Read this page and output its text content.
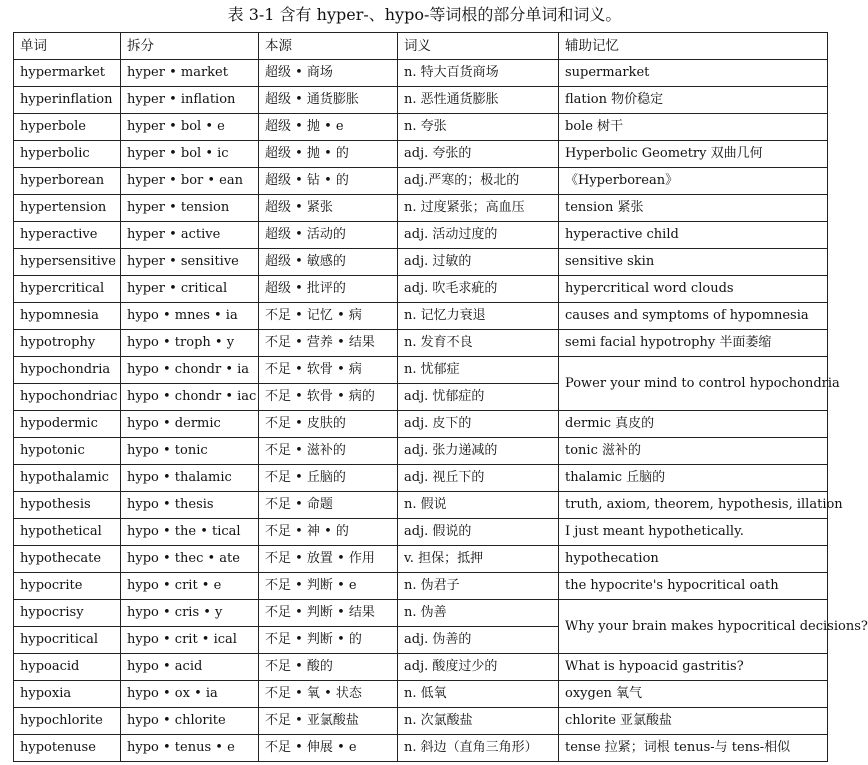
表 3-1 含有 hyper-、hypo-等词根的部分单词和词义。
单词	拆分	本源	词义	辅助记忆
hypermarket	hyper • market	超级 • 商场	n. 特大百货商场	supermarket
hyperinflation	hyper • inflation	超级 • 通货膨胀	n. 恶性通货膨胀	flation 物价稳定
hyperbole	hyper • bol • e	超级 • 抛 • e	n. 夸张	bole 树干
hyperbolic	hyper • bol • ic	超级 • 抛 • 的	adj. 夸张的	Hyperbolic Geometry 双曲几何
hyperborean	hyper • bor • ean	超级 • 钻 • 的	adj.严寒的；极北的	《Hyperborean》
hypertension	hyper • tension	超级 • 紧张	n. 过度紧张；高血压	tension 紧张
hyperactive	hyper • active	超级 • 活动的	adj. 活动过度的	hyperactive child
hypersensitive	hyper • sensitive	超级 • 敏感的	adj. 过敏的	sensitive skin
hypercritical	hyper • critical	超级 • 批评的	adj. 吹毛求疵的	hypercritical word clouds
hypomnesia	hypo • mnes • ia	不足 • 记忆 • 病	n. 记忆力衰退	causes and symptoms of hypomnesia
hypotrophy	hypo • troph • y	不足 • 营养 • 结果	n. 发育不良	semi facial hypotrophy 半面萎缩
hypochondria	hypo • chondr • ia	不足 • 软骨 • 病	n. 忧郁症	Power your mind to control hypochondria
hypochondriac	hypo • chondr • iac	不足 • 软骨 • 病的	adj. 忧郁症的	
hypodermic	hypo • dermic	不足 • 皮肤的	adj. 皮下的	dermic 真皮的
hypotonic	hypo • tonic	不足 • 滋补的	adj. 张力递减的	tonic 滋补的
hypothalamic	hypo • thalamic	不足 • 丘脑的	adj. 视丘下的	thalamic 丘脑的
hypothesis	hypo • thesis	不足 • 命题	n. 假说	truth, axiom, theorem, hypothesis, illation
hypothetical	hypo • the • tical	不足 • 神 • 的	adj. 假说的	I just meant hypothetically.
hypothecate	hypo • thec • ate	不足 • 放置 • 作用	v. 担保；抵押	hypothecation
hypocrite	hypo • crit • e	不足 • 判断 • e	n. 伪君子	the hypocrite's hypocritical oath
hypocrisy	hypo • cris • y	不足 • 判断 • 结果	n. 伪善	Why your brain makes hypocritical decisions?
hypocritical	hypo • crit • ical	不足 • 判断 • 的	adj. 伪善的	
hypoacid	hypo • acid	不足 • 酸的	adj. 酸度过少的	What is hypoacid gastritis?
hypoxia	hypo • ox • ia	不足 • 氧 • 状态	n. 低氧	oxygen 氧气
hypochlorite	hypo • chlorite	不足 • 亚氯酸盐	n. 次氯酸盐	chlorite 亚氯酸盐
hypotenuse	hypo • tenus • e	不足 • 伸展 • e	n. 斜边（直角三角形）	tense 拉紧；词根 tenus-与 tens-相似
